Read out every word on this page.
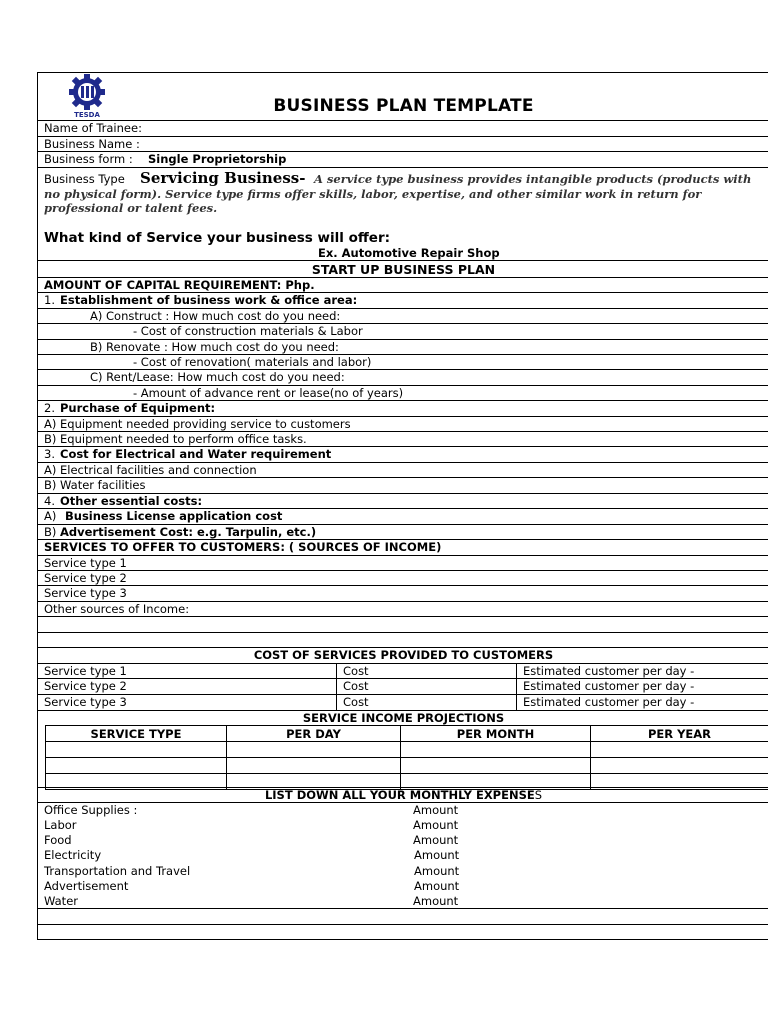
TESDA	BUSINESS PLAN TEMPLATE
Name of Trainee:
Business Name :
Business form : Single Proprietorship
Business Type Servicing Business- A service type business provides intangible products (products with
no physical form). Service type firms offer skills, labor, expertise, and other similar work in return for
professional or talent fees.
What kind of Service your business will offer:
Ex. Automotive Repair Shop
START UP BUSINESS PLAN
AMOUNT OF CAPITAL REQUIREMENT: Php.
1. Establishment of business work & office area:
A) Construct : How much cost do you need:
- Cost of construction materials & Labor
B) Renovate : How much cost do you need:
- Cost of renovation( materials and labor)
C) Rent/Lease: How much cost do you need:
- Amount of advance rent or lease(no of years)
2. Purchase of Equipment:
A) Equipment needed providing service to customers
B) Equipment needed to perform office tasks.
3. Cost for Electrical and Water requirement
A) Electrical facilities and connection
B) Water facilities
4. Other essential costs:
A) Business License application cost
B) Advertisement Cost: e.g. Tarpulin, etc.)
SERVICES TO OFFER TO CUSTOMERS: ( SOURCES OF INCOME)
Service type 1
Service type 2
Service type 3
Other sources of Income:
COST OF SERVICES PROVIDED TO CUSTOMERS
Service type 1	Cost	Estimated customer per day -
Service type 2	Cost	Estimated customer per day -
Service type 3	Cost	Estimated customer per day -
SERVICE INCOME PROJECTIONS
SERVICE TYPE	PER DAY	PER MONTH	PER YEAR

LIST DOWN ALL YOUR MONTHLY EXPENSES
Office Supplies :	Amount
Labor	Amount
Food	Amount
Electricity	Amount
Transportation and Travel	Amount
Advertisement	Amount
Water	Amount
